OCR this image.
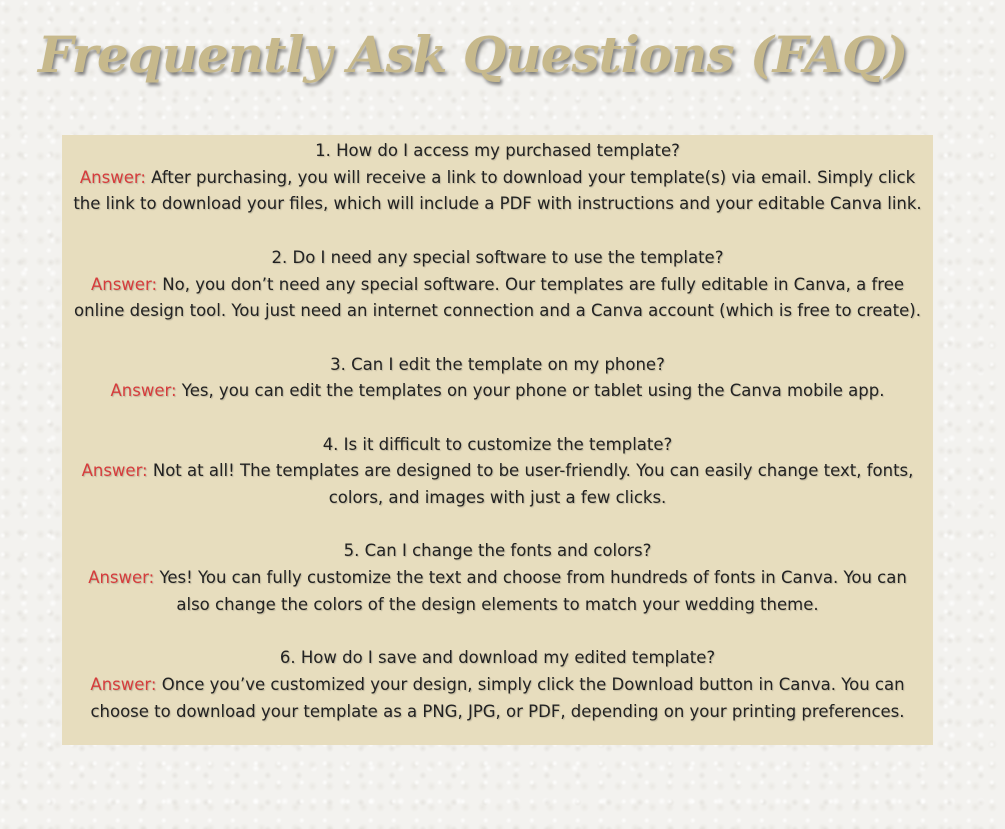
Frequently Ask Questions (FAQ)
1. How do I access my purchased template?
Answer: After purchasing, you will receive a link to download your template(s) via email. Simply click the link to download your files, which will include a PDF with instructions and your editable Canva link.
2. Do I need any special software to use the template?
Answer: No, you don’t need any special software. Our templates are fully editable in Canva, a free online design tool. You just need an internet connection and a Canva account (which is free to create).
3. Can I edit the template on my phone?
Answer: Yes, you can edit the templates on your phone or tablet using the Canva mobile app.
4. Is it difficult to customize the template?
Answer: Not at all! The templates are designed to be user-friendly. You can easily change text, fonts, colors, and images with just a few clicks.
5. Can I change the fonts and colors?
Answer: Yes! You can fully customize the text and choose from hundreds of fonts in Canva. You can also change the colors of the design elements to match your wedding theme.
6. How do I save and download my edited template?
Answer: Once you’ve customized your design, simply click the Download button in Canva. You can choose to download your template as a PNG, JPG, or PDF, depending on your printing preferences.
